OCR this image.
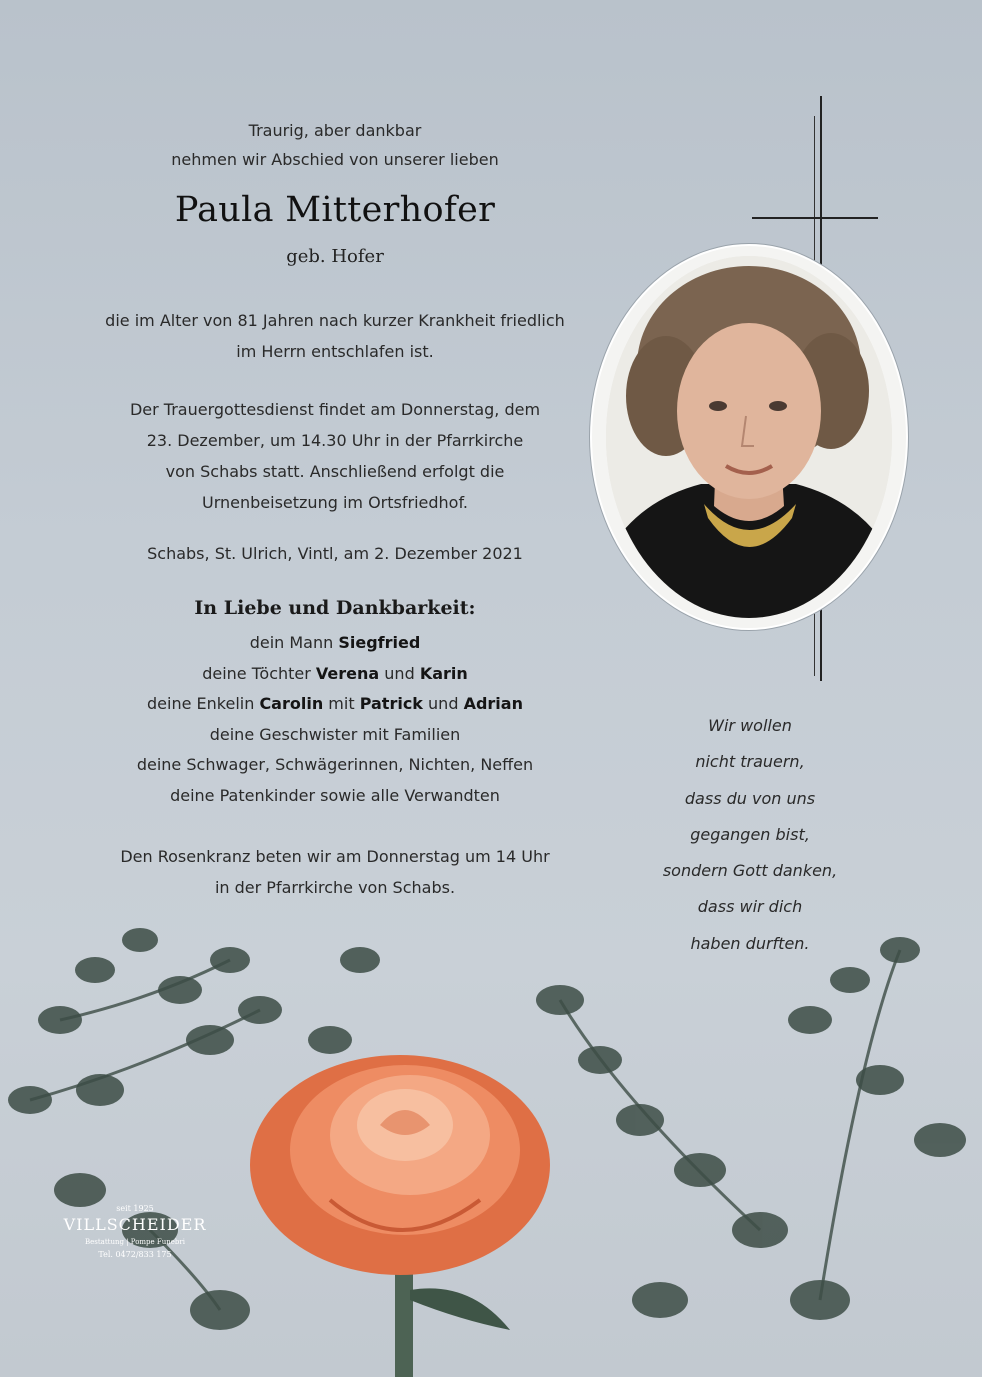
Traurig, aber dankbar
nehmen wir Abschied von unserer lieben
Paula Mitterhofer
geb. Hofer
die im Alter von 81 Jahren nach kurzer Krankheit friedlich
im Herrn entschlafen ist.
Der Trauergottesdienst findet am Donnerstag, dem
23. Dezember, um 14.30 Uhr in der Pfarrkirche
von Schabs statt. Anschließend erfolgt die
Urnenbeisetzung im Ortsfriedhof.
Schabs, St. Ulrich, Vintl, am 2. Dezember 2021
In Liebe und Dankbarkeit:
dein Mann Siegfried
deine Töchter Verena und Karin
deine Enkelin Carolin mit Patrick und Adrian
deine Geschwister mit Familien
deine Schwager, Schwägerinnen, Nichten, Neffen
deine Patenkinder sowie alle Verwandten
Den Rosenkranz beten wir am Donnerstag um 14 Uhr
in der Pfarrkirche von Schabs.
Wir wollen
nicht trauern,
dass du von uns
gegangen bist,
sondern Gott danken,
dass wir dich
haben durften.
seit 1925
VILLSCHEIDER
Bestattung | Pompe Funebri
Tel. 0472/833 175
